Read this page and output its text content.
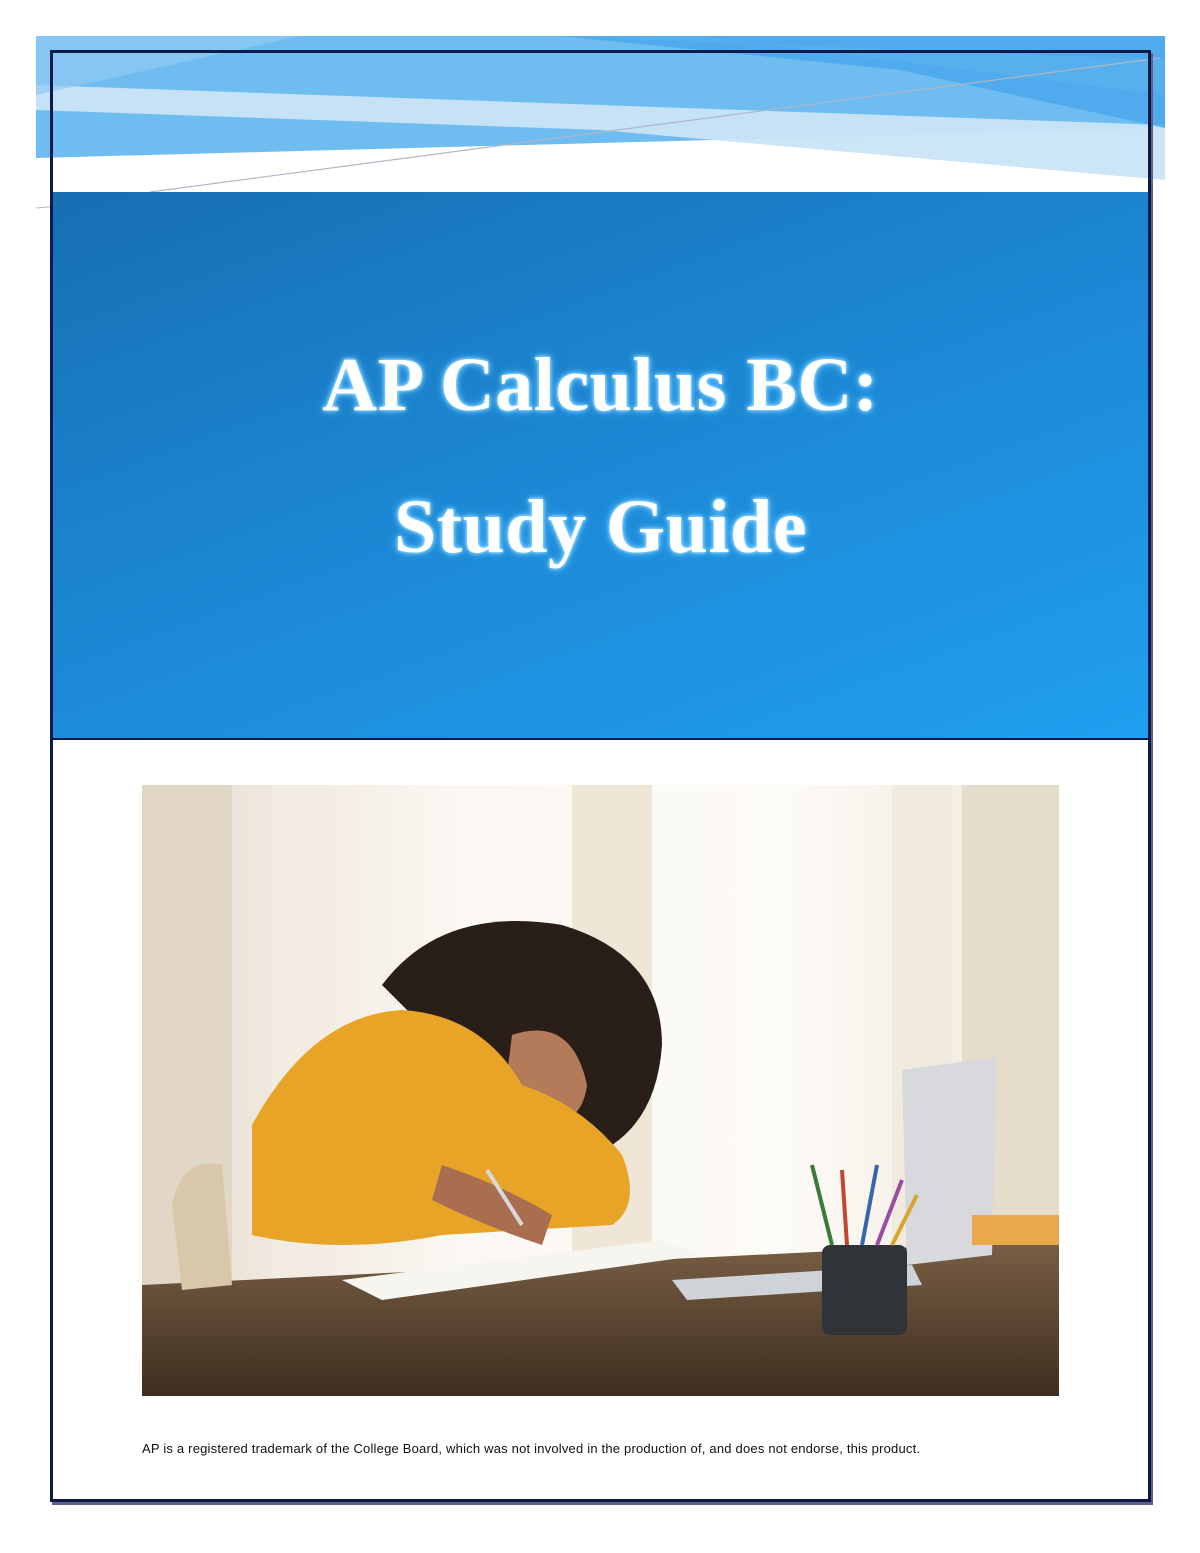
AP Calculus BC:
Study Guide
AP is a registered trademark of the College Board, which was not involved in the production of, and does not endorse, this product.
